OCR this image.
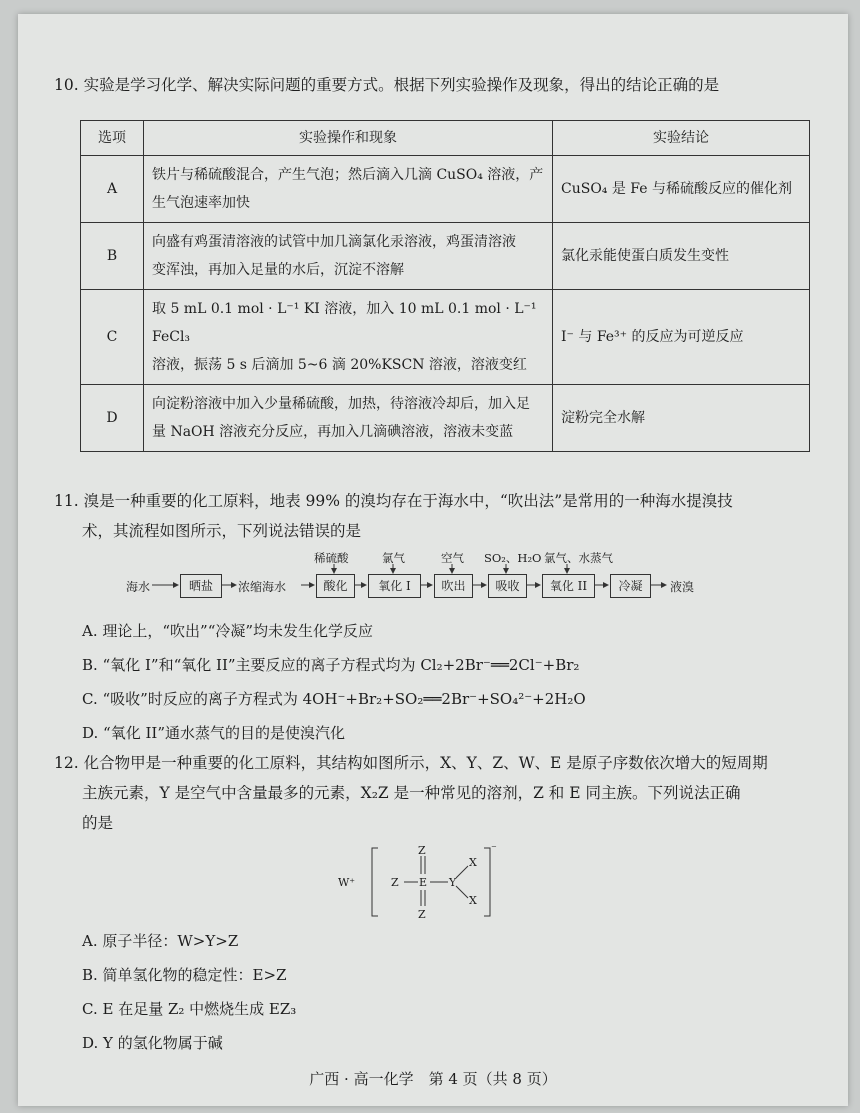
10. 实验是学习化学、解决实际问题的重要方式。根据下列实验操作及现象，得出的结论正确的是
选项	实验操作和现象	实验结论
A	铁片与稀硫酸混合，产生气泡；然后滴入几滴 CuSO₄ 溶液，产
生气泡速率加快	CuSO₄ 是 Fe 与稀硫酸反应的催化剂
B	向盛有鸡蛋清溶液的试管中加几滴氯化汞溶液，鸡蛋清溶液
变浑浊，再加入足量的水后，沉淀不溶解	氯化汞能使蛋白质发生变性
C	取 5 mL 0.1 mol · L⁻¹ KI 溶液，加入 10 mL 0.1 mol · L⁻¹ FeCl₃
溶液，振荡 5 s 后滴加 5~6 滴 20%KSCN 溶液，溶液变红	I⁻ 与 Fe³⁺ 的反应为可逆反应
D	向淀粉溶液中加入少量稀硫酸，加热，待溶液冷却后，加入足
量 NaOH 溶液充分反应，再加入几滴碘溶液，溶液未变蓝	淀粉完全水解
11. 溴是一种重要的化工原料，地表 99% 的溴均存在于海水中，“吹出法”是常用的一种海水提溴技
术，其流程如图所示，下列说法错误的是
海水	晒盐	浓缩海水	酸化	氧化 I	吹出	吸收	氧化 II	冷凝	液溴
稀硫酸	氯气	空气 SO₂、H₂O 氯气、水蒸气
A. 理论上，“吹出”“冷凝”均未发生化学反应
B. “氧化 I”和“氧化 II”主要反应的离子方程式均为 Cl₂+2Br⁻══2Cl⁻+Br₂
C. “吸收”时反应的离子方程式为 4OH⁻+Br₂+SO₂══2Br⁻+SO₄²⁻+2H₂O
D. “氧化 II”通水蒸气的目的是使溴汽化
12. 化合物甲是一种重要的化工原料，其结构如图所示，X、Y、Z、W、E 是原子序数依次增大的短周期
主族元素，Y 是空气中含量最多的元素，X₂Z 是一种常见的溶剂，Z 和 E 同主族。下列说法正确
的是
W⁺
⁻
Z
Z
Z
E Y
X
X
A. 原子半径：W>Y>Z
B. 简单氢化物的稳定性：E>Z
C. E 在足量 Z₂ 中燃烧生成 EZ₃
D. Y 的氢化物属于碱
广西 · 高一化学　第 4 页（共 8 页）
